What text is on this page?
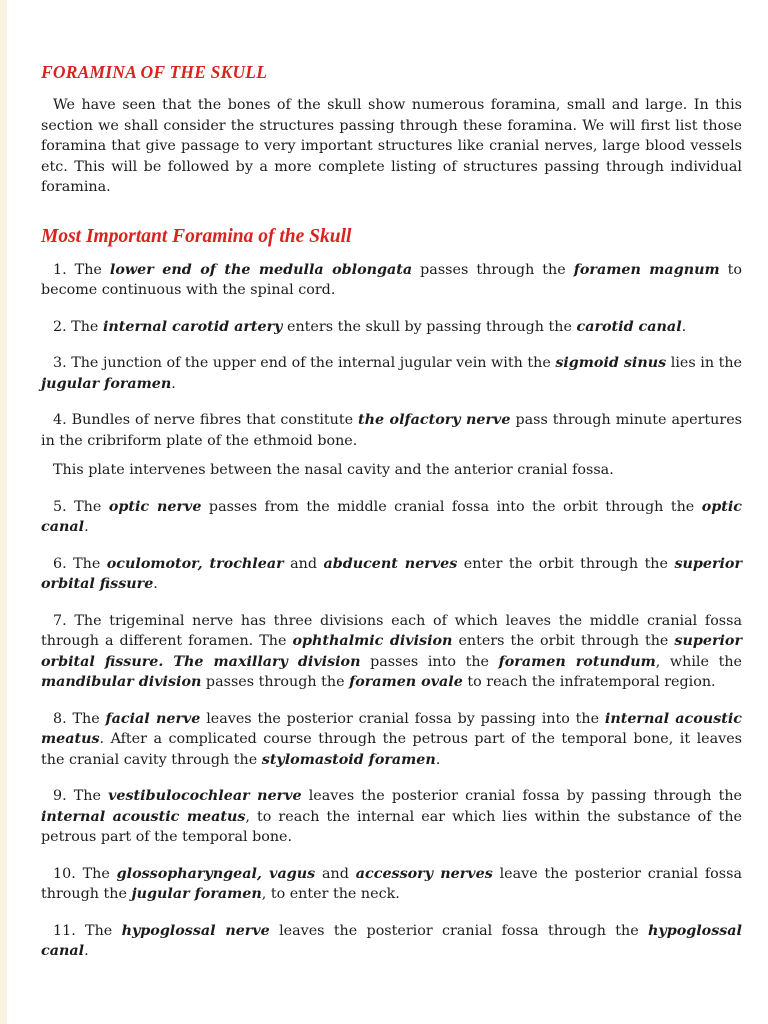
FORAMINA OF THE SKULL

We have seen that the bones of the skull show numerous foramina, small and large. In this section we shall consider the structures passing through these foramina. We will first list those foramina that give passage to very important structures like cranial nerves, large blood vessels etc. This will be followed by a more complete listing of structures passing through individual foramina.

Most Important Foramina of the Skull

1. The lower end of the medulla oblongata passes through the foramen magnum to become continuous with the spinal cord.

2. The internal carotid artery enters the skull by passing through the carotid canal.

3. The junction of the upper end of the internal jugular vein with the sigmoid sinus lies in the jugular foramen.

4. Bundles of nerve fibres that constitute the olfactory nerve pass through minute apertures in the cribriform plate of the ethmoid bone.

This plate intervenes between the nasal cavity and the anterior cranial fossa.

5. The optic nerve passes from the middle cranial fossa into the orbit through the optic canal.

6. The oculomotor, trochlear and abducent nerves enter the orbit through the superior orbital fissure.

7. The trigeminal nerve has three divisions each of which leaves the middle cranial fossa through a different foramen. The ophthalmic division enters the orbit through the superior orbital fissure. The maxillary division passes into the foramen rotundum, while the mandibular division passes through the foramen ovale to reach the infratemporal region.

8. The facial nerve leaves the posterior cranial fossa by passing into the internal acoustic meatus. After a complicated course through the petrous part of the temporal bone, it leaves the cranial cavity through the stylomastoid foramen.

9. The vestibulocochlear nerve leaves the posterior cranial fossa by passing through the internal acoustic meatus, to reach the internal ear which lies within the substance of the petrous part of the temporal bone.

10. The glossopharyngeal, vagus and accessory nerves leave the posterior cranial fossa through the jugular foramen, to enter the neck.

11. The hypoglossal nerve leaves the posterior cranial fossa through the hypoglossal canal.
